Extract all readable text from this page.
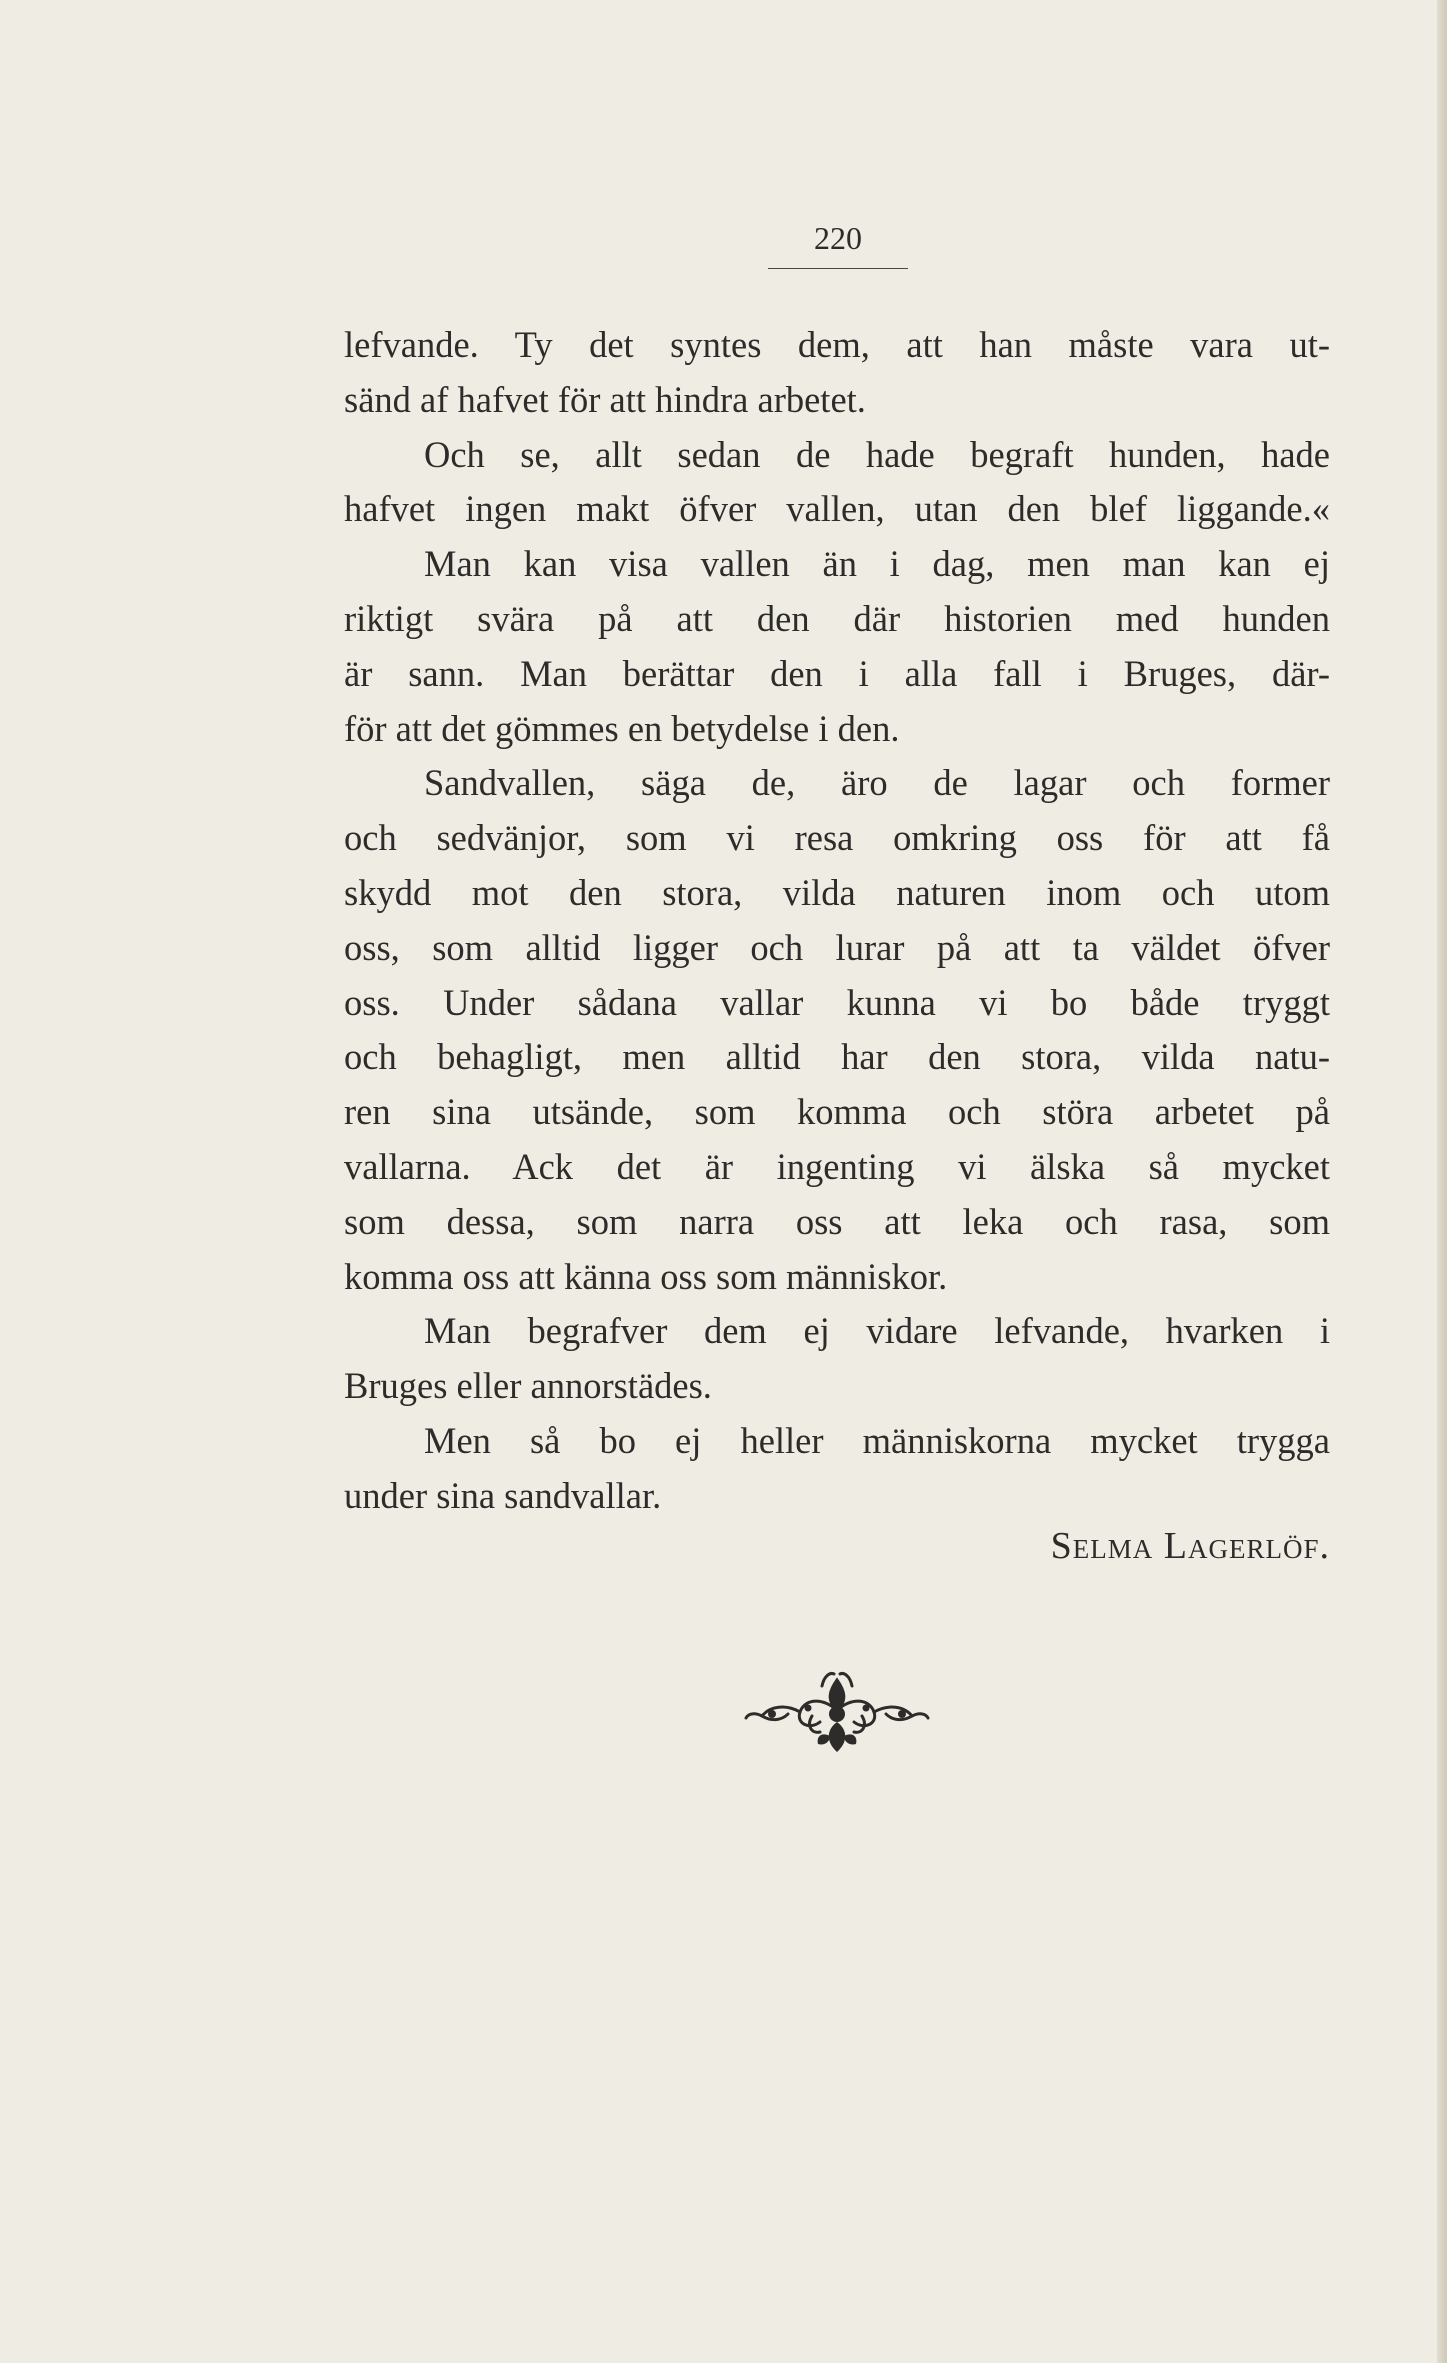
220
lefvande. Ty det syntes dem, att han måste vara ut-
sänd af hafvet för att hindra arbetet.
Och se, allt sedan de hade begraft hunden, hade
hafvet ingen makt öfver vallen, utan den blef liggande.«
Man kan visa vallen än i dag, men man kan ej
riktigt svära på att den där historien med hunden
är sann. Man berättar den i alla fall i Bruges, där-
för att det gömmes en betydelse i den.
Sandvallen, säga de, äro de lagar och former
och sedvänjor, som vi resa omkring oss för att få
skydd mot den stora, vilda naturen inom och utom
oss, som alltid ligger och lurar på att ta väldet öfver
oss. Under sådana vallar kunna vi bo både tryggt
och behagligt, men alltid har den stora, vilda natu-
ren sina utsände, som komma och störa arbetet på
vallarna. Ack det är ingenting vi älska så mycket
som dessa, som narra oss att leka och rasa, som
komma oss att känna oss som människor.
Man begrafver dem ej vidare lefvande, hvarken i
Bruges eller annorstädes.
Men så bo ej heller människorna mycket trygga
under sina sandvallar.
Selma Lagerlöf.
